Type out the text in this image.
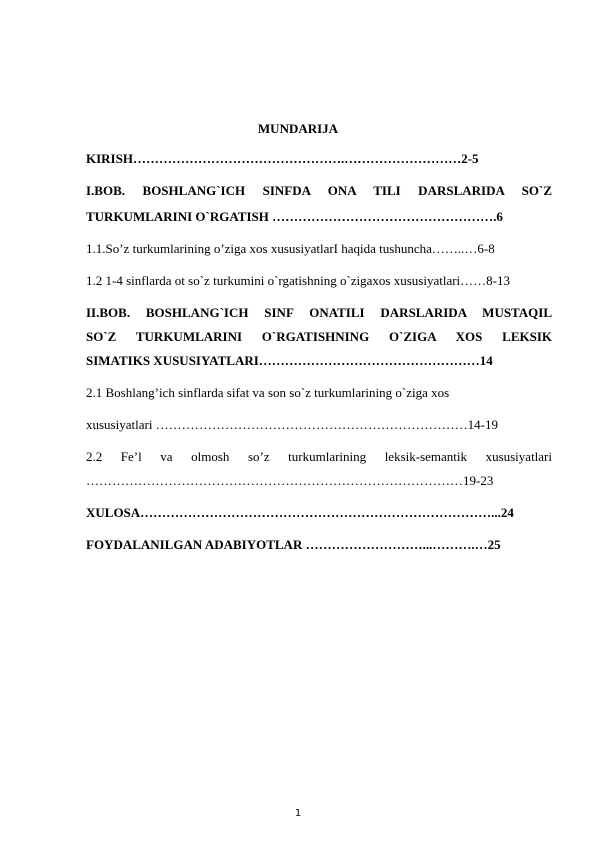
MUNDARIJA
KIRISH………………………………………….………………………2-5
I.BOB. BOSHLANG`ICH SINFDA ONA TILI DARSLARIDA SO`Z
TURKUMLARINI O`RGATISH …………………………………………….6
1.1.So’z turkumlarining o’ziga xos xususiyatlarI haqida tushuncha……..…6-8
1.2 1-4 sinflarda ot so`z turkumini o`rgatishning o`zigaxos xususiyatlari……8-13
II.BOB. BOSHLANG`ICH SINF ONATILI DARSLARIDA MUSTAQIL
SO`Z TURKUMLARINI O`RGATISHNING O`ZIGA XOS LEKSIK
SIMATIKS XUSUSIYATLARI……………………………………………14
2.1 Boshlang’ich sinflarda sifat va son so`z turkumlarining o`ziga xos
xususiyatlari ………………………………………………………………14-19
2.2 Fe’l va olmosh so’z turkumlarining leksik-semantik xususiyatlari
……………………………………………………………………………19-23
XULOSA………………………………………………………………………...24
FOYDALANILGAN ADABIYOTLAR ………………………...……….…25
1
